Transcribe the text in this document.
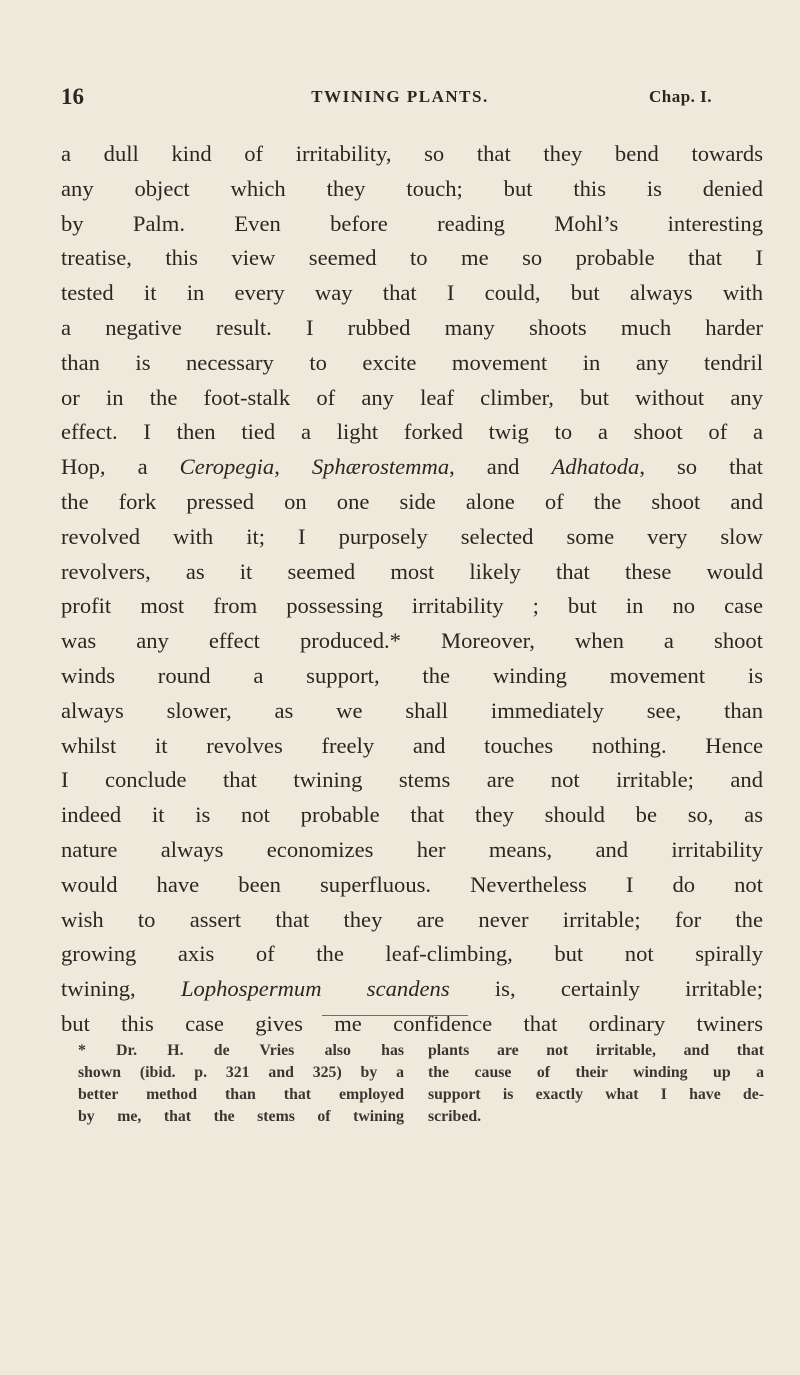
16	TWINING PLANTS.	Chap. I.
a dull kind of irritability, so that they bend towards
any object which they touch; but this is denied
by Palm. Even before reading Mohl’s interesting
treatise, this view seemed to me so probable that I
tested it in every way that I could, but always with
a negative result. I rubbed many shoots much harder
than is necessary to excite movement in any tendril
or in the foot-stalk of any leaf climber, but without any
effect. I then tied a light forked twig to a shoot of a
Hop, a Ceropegia, Sphærostemma, and Adhatoda, so that
the fork pressed on one side alone of the shoot and
revolved with it; I purposely selected some very slow
revolvers, as it seemed most likely that these would
profit most from possessing irritability ; but in no case
was any effect produced.* Moreover, when a shoot
winds round a support, the winding movement is
always slower, as we shall immediately see, than
whilst it revolves freely and touches nothing. Hence
I conclude that twining stems are not irritable; and
indeed it is not probable that they should be so, as
nature always economizes her means, and irritability
would have been superfluous. Nevertheless I do not
wish to assert that they are never irritable; for the
growing axis of the leaf-climbing, but not spirally
twining, Lophospermum scandens is, certainly irritable;
but this case gives me confidence that ordinary twiners
* Dr. H. de Vries also has
shown (ibid. p. 321 and 325) by a
better method than that employed
by me, that the stems of twining
plants are not irritable, and that
the cause of their winding up a
support is exactly what I have de-
scribed.
